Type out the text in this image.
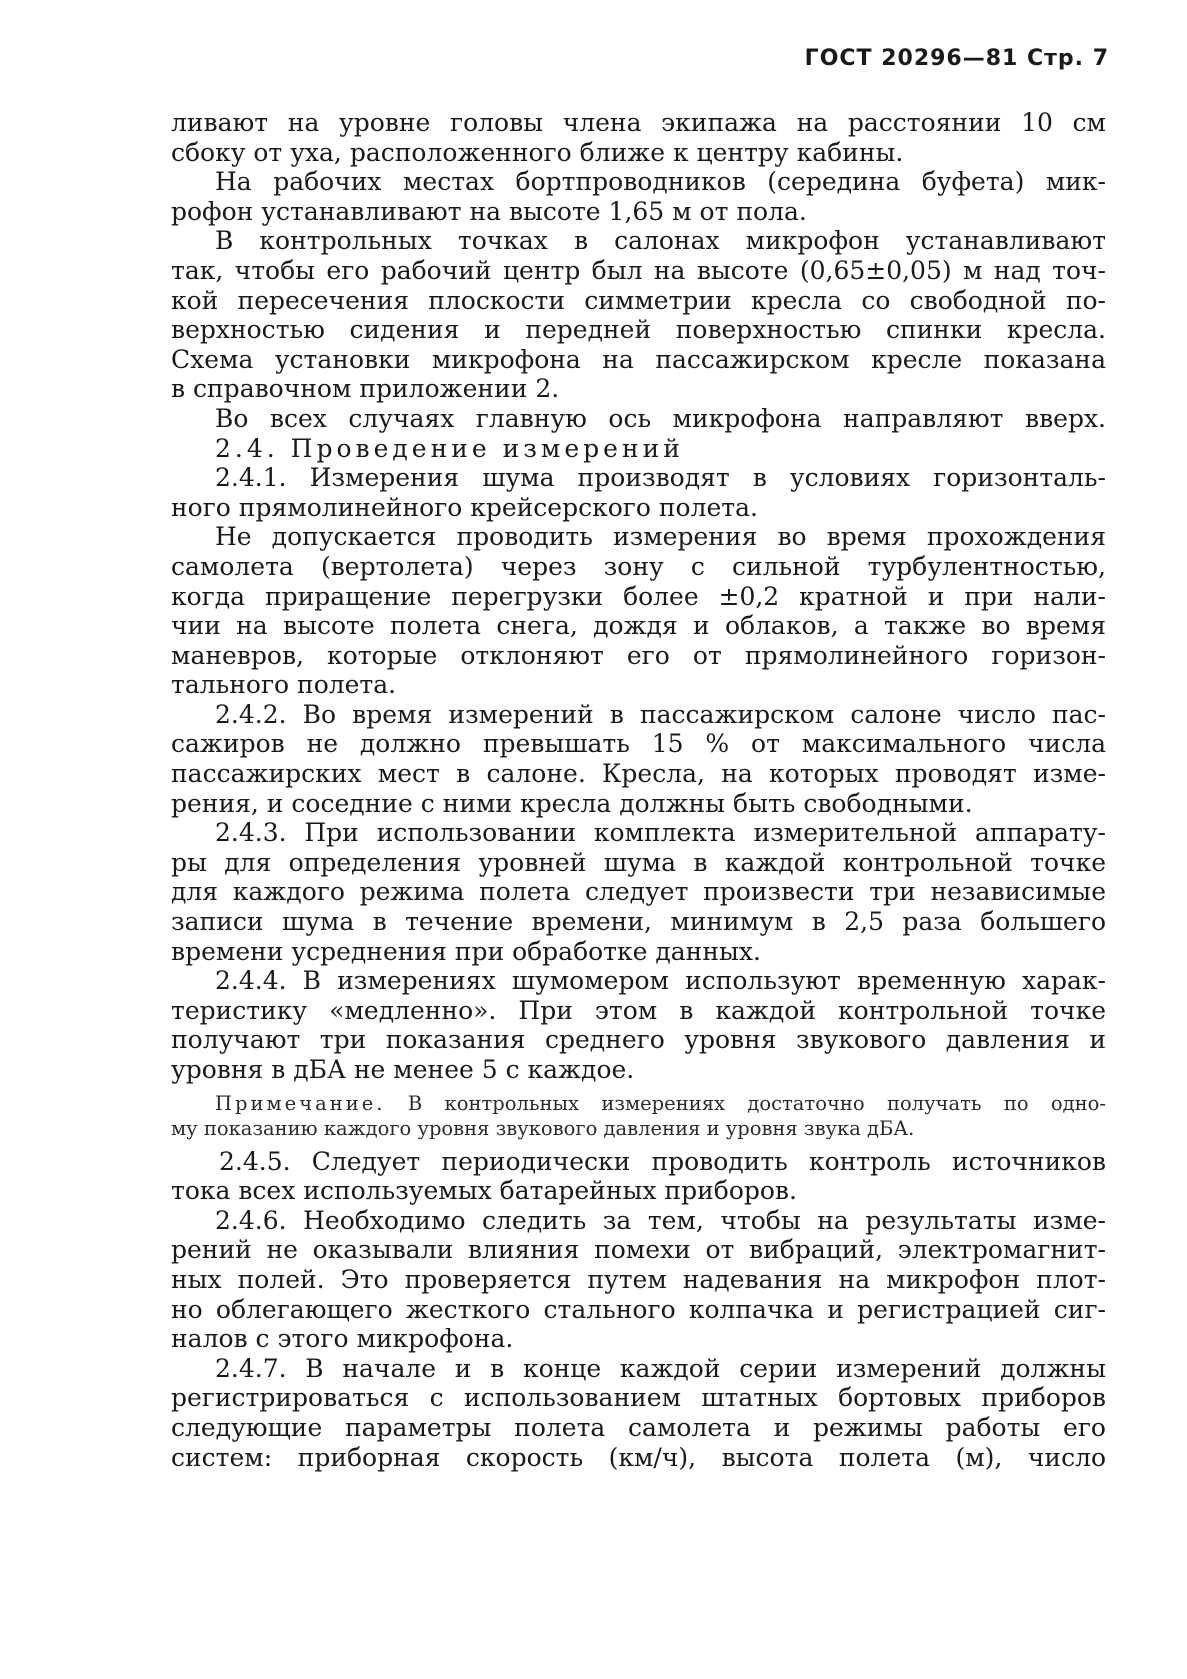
ГОСТ 20296—81 Стр. 7
ливают на уровне головы члена экипажа на расстоянии 10 см
сбоку от уха, расположенного ближе к центру кабины.
На рабочих местах бортпроводников (середина буфета) мик-
рофон устанавливают на высоте 1,65 м от пола.
В контрольных точках в салонах микрофон устанавливают
так, чтобы его рабочий центр был на высоте (0,65±0,05) м над точ-
кой пересечения плоскости симметрии кресла со свободной по-
верхностью сидения и передней поверхностью спинки кресла.
Схема установки микрофона на пассажирском кресле показана
в справочном приложении 2.
Во всех случаях главную ось микрофона направляют вверх.
2.4. Проведение измерений
2.4.1. Измерения шума производят в условиях горизонталь-
ного прямолинейного крейсерского полета.
Не допускается проводить измерения во время прохождения
самолета (вертолета) через зону с сильной турбулентностью,
когда приращение перегрузки более ±0,2 кратной и при нали-
чии на высоте полета снега, дождя и облаков, а также во время
маневров, которые отклоняют его от прямолинейного горизон-
тального полета.
2.4.2. Во время измерений в пассажирском салоне число пас-
сажиров не должно превышать 15 % от максимального числа
пассажирских мест в салоне. Кресла, на которых проводят изме-
рения, и соседние с ними кресла должны быть свободными.
2.4.3. При использовании комплекта измерительной аппарату-
ры для определения уровней шума в каждой контрольной точке
для каждого режима полета следует произвести три независимые
записи шума в течение времени, минимум в 2,5 раза большего
времени усреднения при обработке данных.
2.4.4. В измерениях шумомером используют временную харак-
теристику «медленно». При этом в каждой контрольной точке
получают три показания среднего уровня звукового давления и
уровня в дБА не менее 5 с каждое.
Примечание. В контрольных измерениях достаточно получать по одно-
му показанию каждого уровня звукового давления и уровня звука дБА.
2.4.5. Следует периодически проводить контроль источников
тока всех используемых батарейных приборов.
2.4.6. Необходимо следить за тем, чтобы на результаты изме-
рений не оказывали влияния помехи от вибраций, электромагнит-
ных полей. Это проверяется путем надевания на микрофон плот-
но облегающего жесткого стального колпачка и регистрацией сиг-
налов с этого микрофона.
2.4.7. В начале и в конце каждой серии измерений должны
регистрироваться с использованием штатных бортовых приборов
следующие параметры полета самолета и режимы работы его
систем: приборная скорость (км/ч), высота полета (м), число
